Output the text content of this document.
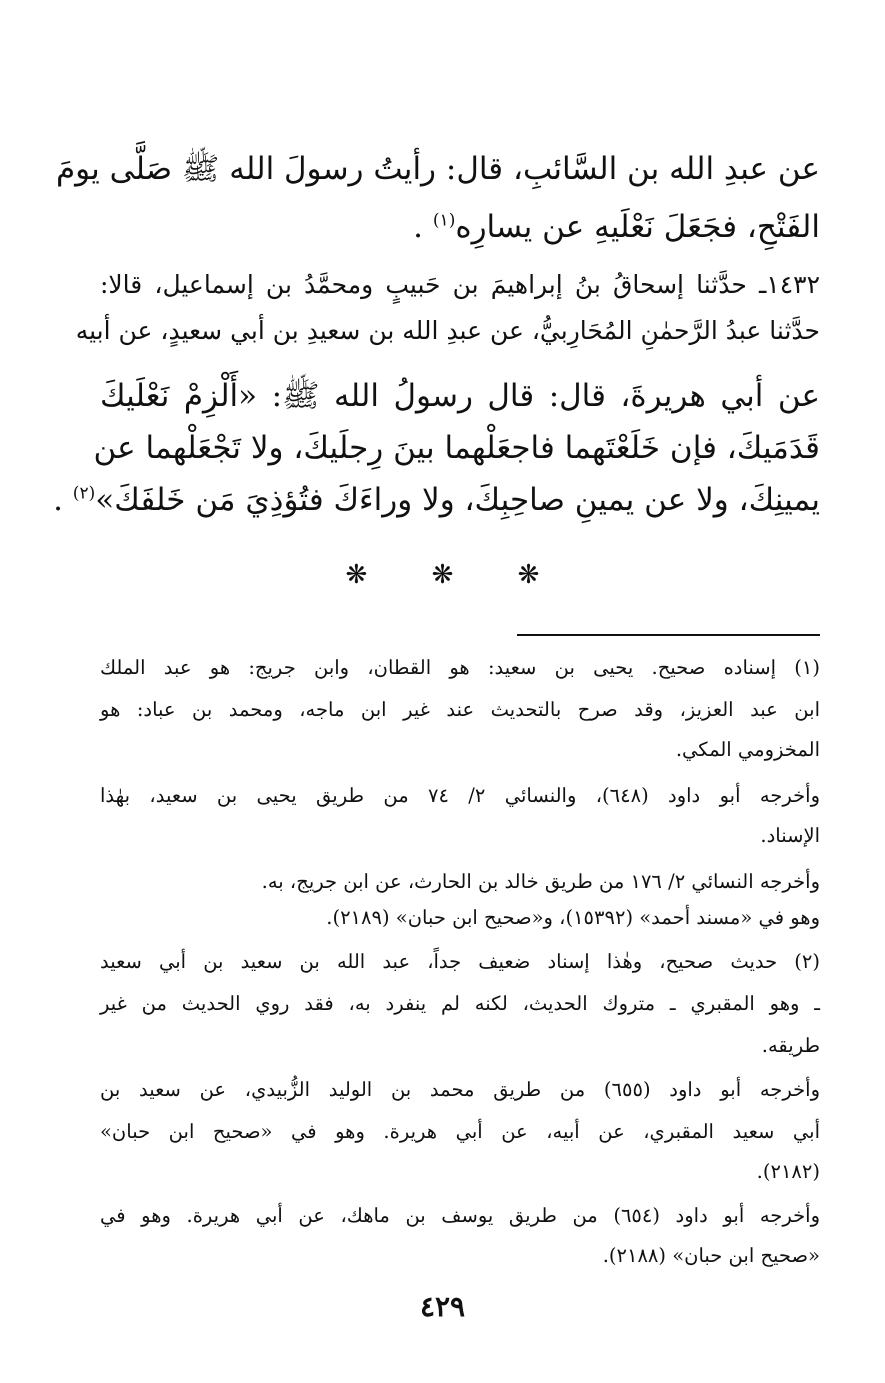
عن عبدِ الله بن السَّائبِ، قال: رأيتُ رسولَ الله ﷺ صَلَّى يومَ
الفَتْحِ، فجَعَلَ نَعْلَيهِ عن يسارِه$^{(١)}$ .
١٤٣٢ـ حدَّثنا إسحاقُ بنُ إبراهيمَ بن حَبيبٍ ومحمَّدُ بن إسماعيل، قالا:
حدَّثنا عبدُ الرَّحمٰنِ المُحَارِبيُّ، عن عبدِ الله بن سعيدِ بن أبي سعيدٍ، عن أبيه
عن أبي هريرةَ، قال: قال رسولُ الله ﷺ: «أَلْزِمْ نَعْلَيكَ
قَدَمَيكَ، فإن خَلَعْتَهما فاجعَلْهما بينَ رِجلَيكَ، ولا تَجْعَلْهما عن
يمينِكَ، ولا عن يمينِ صاحِبِكَ، ولا وراءَكَ فتُؤذِيَ مَن خَلفَكَ»$^{(٢)}$ .
❋ ❋ ❋
(١) إسناده صحيح. يحيى بن سعيد: هو القطان، وابن جريج: هو عبد الملك
ابن عبد العزيز، وقد صرح بالتحديث عند غير ابن ماجه، ومحمد بن عباد: هو
المخزومي المكي.
وأخرجه أبو داود (٦٤٨)، والنسائي ٢/ ٧٤ من طريق يحيى بن سعيد، بهٰذا
الإسناد.
وأخرجه النسائي ٢/ ١٧٦ من طريق خالد بن الحارث، عن ابن جريج، به.
وهو في «مسند أحمد» (١٥٣٩٢)، و«صحيح ابن حبان» (٢١٨٩).
(٢) حديث صحيح، وهٰذا إسناد ضعيف جداً، عبد الله بن سعيد بن أبي سعيد
ـ وهو المقبري ـ متروك الحديث، لكنه لم ينفرد به، فقد روي الحديث من غير
طريقه.
وأخرجه أبو داود (٦٥٥) من طريق محمد بن الوليد الزُّبيدي، عن سعيد بن
أبي سعيد المقبري، عن أبيه، عن أبي هريرة. وهو في «صحيح ابن حبان»
(٢١٨٢).
وأخرجه أبو داود (٦٥٤) من طريق يوسف بن ماهك، عن أبي هريرة. وهو في
«صحيح ابن حبان» (٢١٨٨).
٤٢٩
